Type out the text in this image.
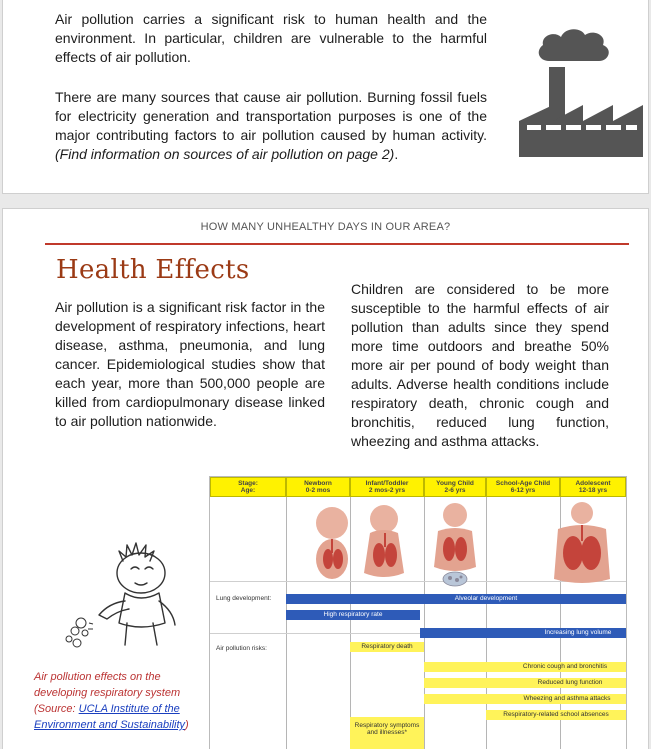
Air pollution carries a significant risk to human health and the environment. In particular, children are vulnerable to the harmful effects of air pollution.

There are many sources that cause air pollution. Burning fossil fuels for electricity generation and transportation purposes is one of the major contributing factors to air pollution caused by human activity. (Find information on sources of air pollution on page 2).

HOW MANY UNHEALTHY DAYS IN OUR AREA?
Health Effects

Air pollution is a significant risk factor in the development of respiratory infections, heart disease, asthma, pneumonia, and lung cancer. Epidemiological studies show that each year, more than 500,000 people are killed from cardiopulmonary disease linked to air pollution nationwide.

Children are considered to be more susceptible to the harmful effects of air pollution than adults since they spend more time outdoors and breathe 50% more air per pound of body weight than adults. Adverse health conditions include respiratory death, chronic cough and bronchitis, reduced lung function, wheezing and asthma attacks.

Air pollution effects on the developing respiratory system (Source: UCLA Institute of the Environment and Sustainability)
Stage:
Age:
Newborn
0-2 mos
Infant/Toddler
2 mos-2 yrs
Young Child
2-6 yrs
School-Age Child
6-12 yrs
Adolescent
12-18 yrs
Lung development:
Air pollution risks:
Alveolar development
High respiratory rate
Increasing lung volume
Respiratory death
Chronic cough and bronchitis
Reduced lung function
Wheezing and asthma attacks
Respiratory-related school absences
Respiratory symptoms and illnesses*
